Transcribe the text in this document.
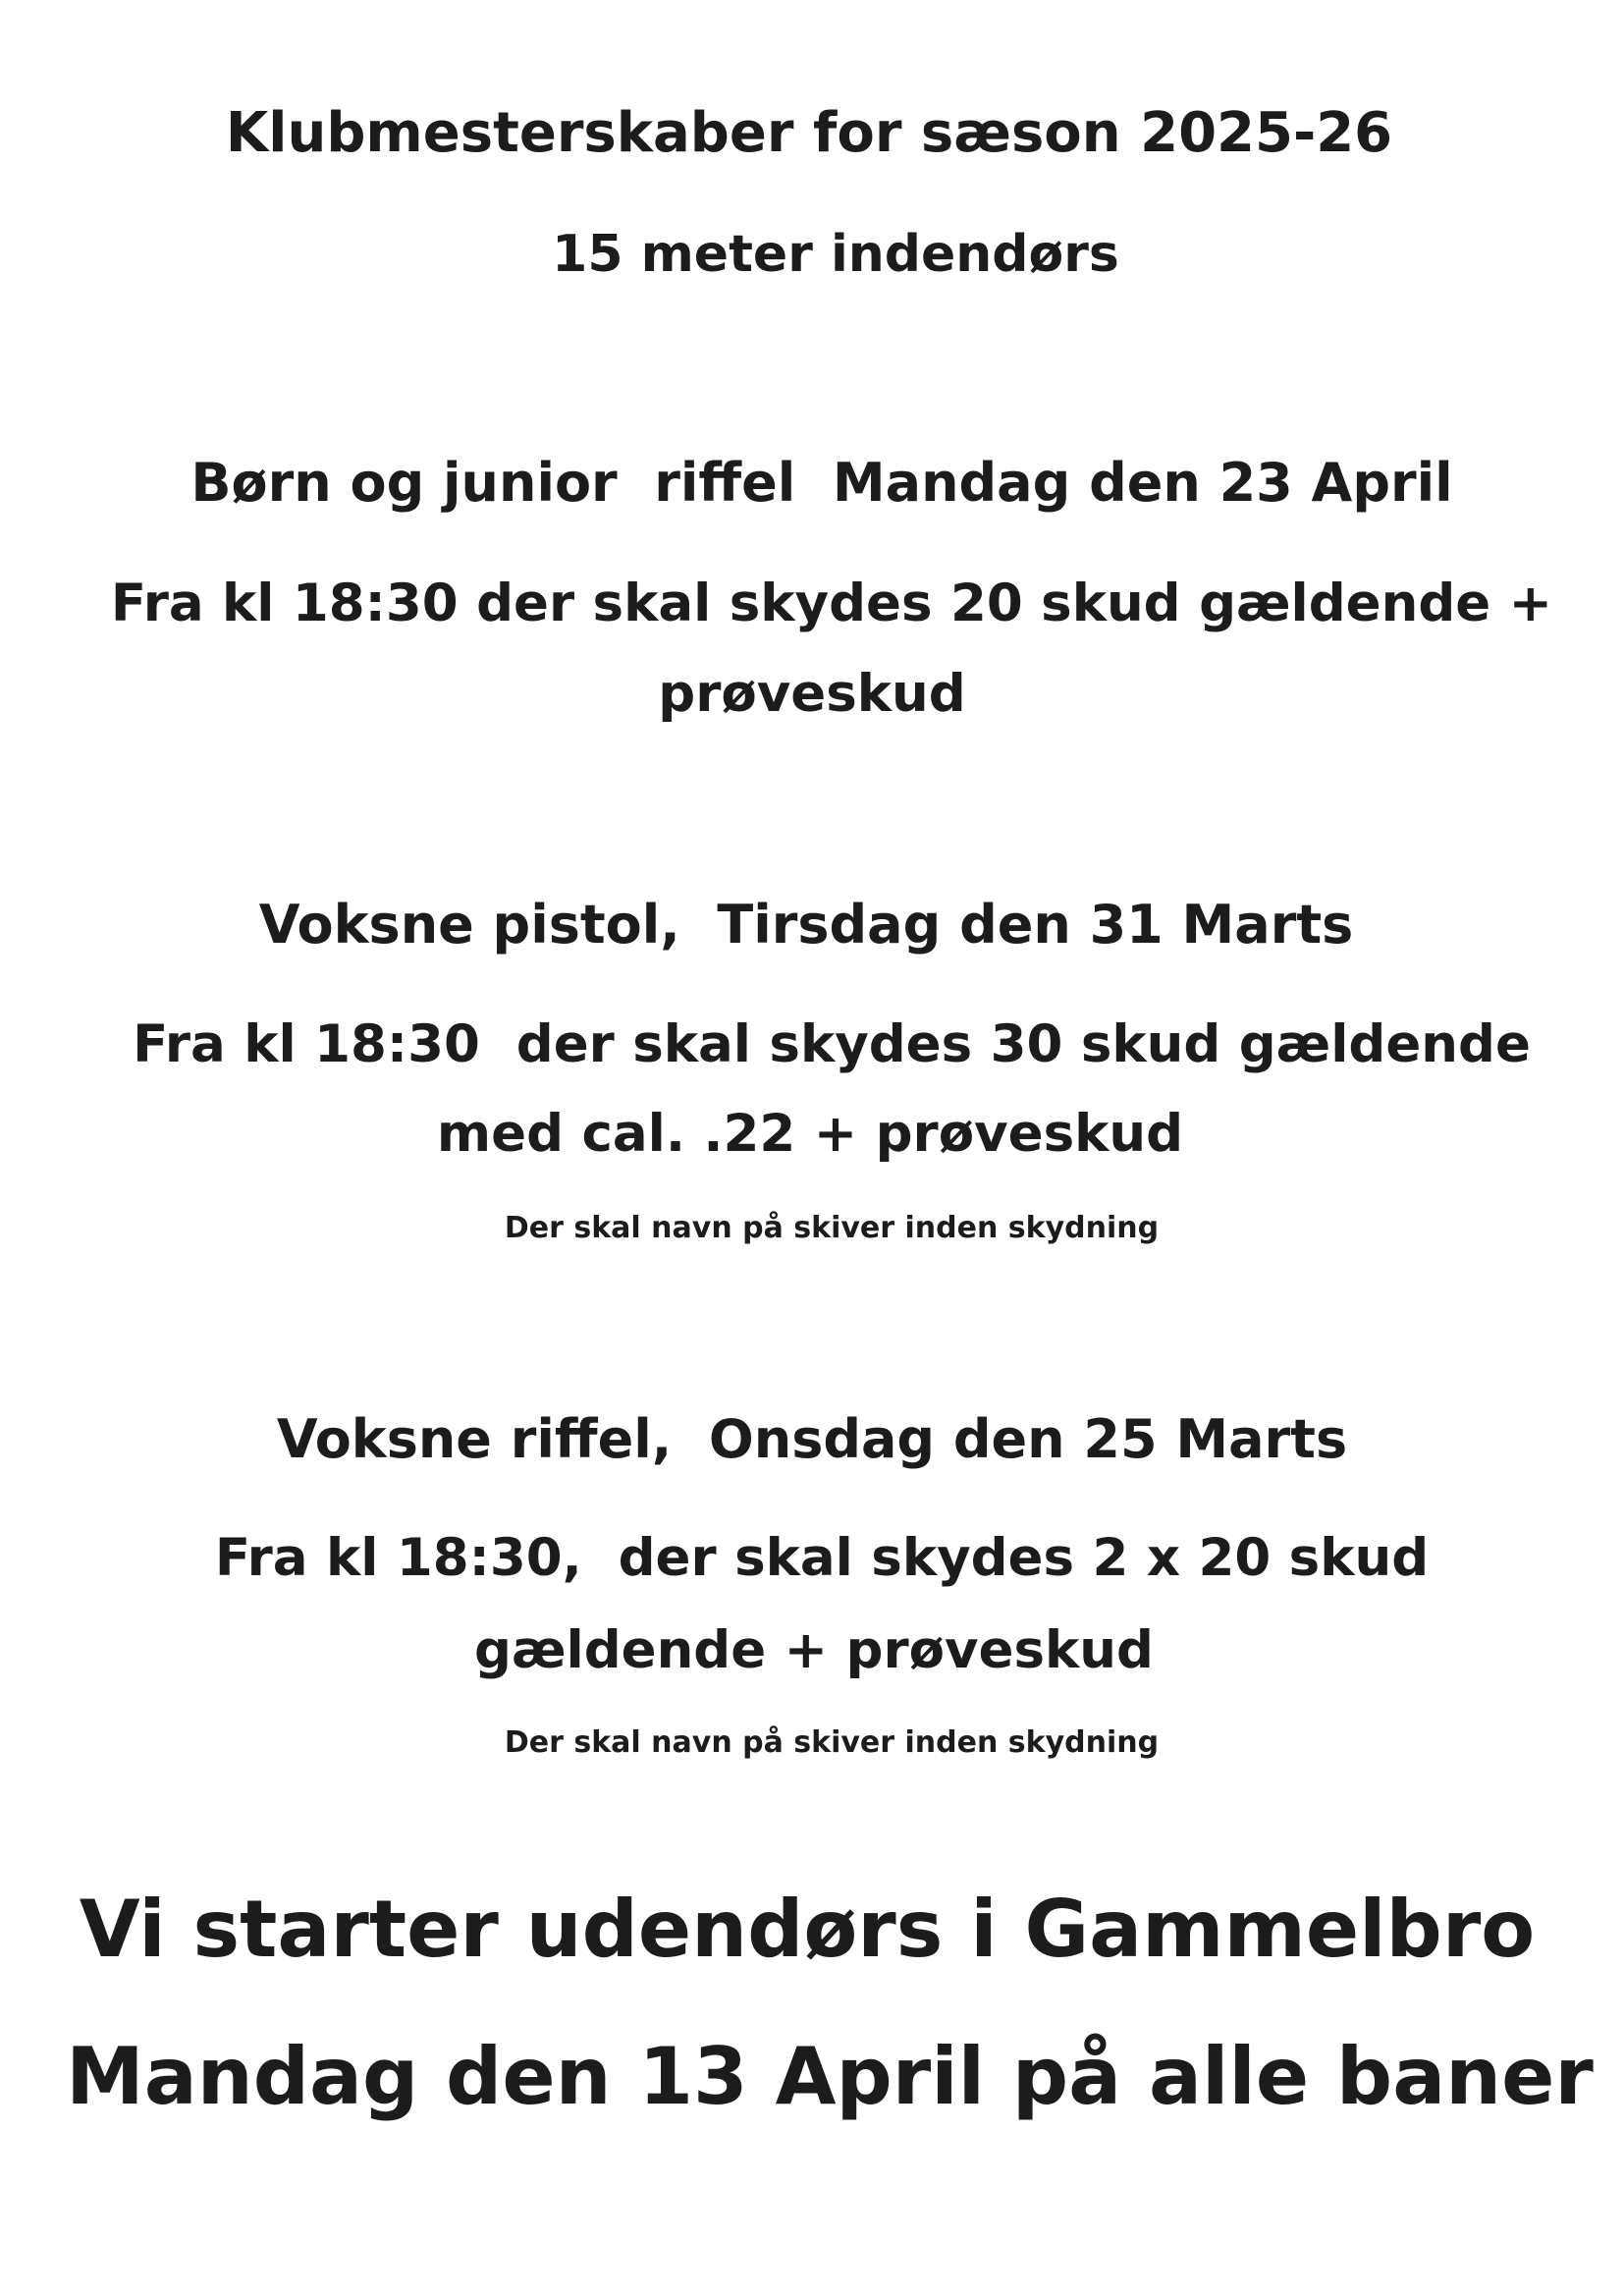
Klubmesterskaber for sæson 2025-26
15 meter indendørs
Børn og junior  riffel  Mandag den 23 April
Fra kl 18:30 der skal skydes 20 skud gældende +
prøveskud
Voksne pistol,  Tirsdag den 31 Marts
Fra kl 18:30  der skal skydes 30 skud gældende
med cal. .22 + prøveskud
Der skal navn på skiver inden skydning
Voksne riffel,  Onsdag den 25 Marts
Fra kl 18:30,  der skal skydes 2 x 20 skud
gældende + prøveskud
Der skal navn på skiver inden skydning
Vi starter udendørs i Gammelbro
Mandag den 13 April på alle baner
